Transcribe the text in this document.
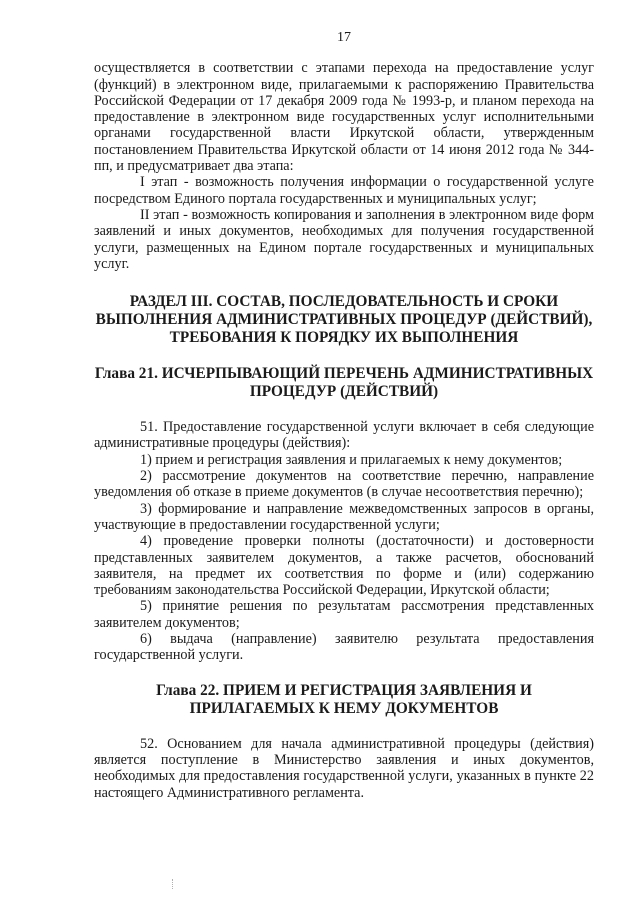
17

осуществляется в соответствии с этапами перехода на предоставление услуг (функций) в электронном виде, прилагаемыми к распоряжению Правительства Российской Федерации от 17 декабря 2009 года № 1993-р, и планом перехода на предоставление в электронном виде государственных услуг исполнительными органами государственной власти Иркутской области, утвержденным постановлением Правительства Иркутской области от 14 июня 2012 года № 344-пп, и предусматривает два этапа:

I этап - возможность получения информации о государственной услуге посредством Единого портала государственных и муниципальных услуг;

II этап - возможность копирования и заполнения в электронном виде форм заявлений и иных документов, необходимых для получения государственной услуги, размещенных на Едином портале государственных и муниципальных услуг.

РАЗДЕЛ III. СОСТАВ, ПОСЛЕДОВАТЕЛЬНОСТЬ И СРОКИ ВЫПОЛНЕНИЯ АДМИНИСТРАТИВНЫХ ПРОЦЕДУР (ДЕЙСТВИЙ), ТРЕБОВАНИЯ К ПОРЯДКУ ИХ ВЫПОЛНЕНИЯ
Глава 21. ИСЧЕРПЫВАЮЩИЙ ПЕРЕЧЕНЬ АДМИНИСТРАТИВНЫХ ПРОЦЕДУР (ДЕЙСТВИЙ)

51. Предоставление государственной услуги включает в себя следующие административные процедуры (действия):

1) прием и регистрация заявления и прилагаемых к нему документов;

2) рассмотрение документов на соответствие перечню, направление уведомления об отказе в приеме документов (в случае несоответствия перечню);

3) формирование и направление межведомственных запросов в органы, участвующие в предоставлении государственной услуги;

4) проведение проверки полноты (достаточности) и достоверности представленных заявителем документов, а также расчетов, обоснований заявителя, на предмет их соответствия по форме и (или) содержанию требованиям законодательства Российской Федерации, Иркутской области;

5) принятие решения по результатам рассмотрения представленных заявителем документов;

6) выдача (направление) заявителю результата предоставления государственной услуги.

Глава 22. ПРИЕМ И РЕГИСТРАЦИЯ ЗАЯВЛЕНИЯ И ПРИЛАГАЕМЫХ К НЕМУ ДОКУМЕНТОВ

52. Основанием для начала административной процедуры (действия) является поступление в Министерство заявления и иных документов, необходимых для предоставления государственной услуги, указанных в пункте 22 настоящего Административного регламента.
